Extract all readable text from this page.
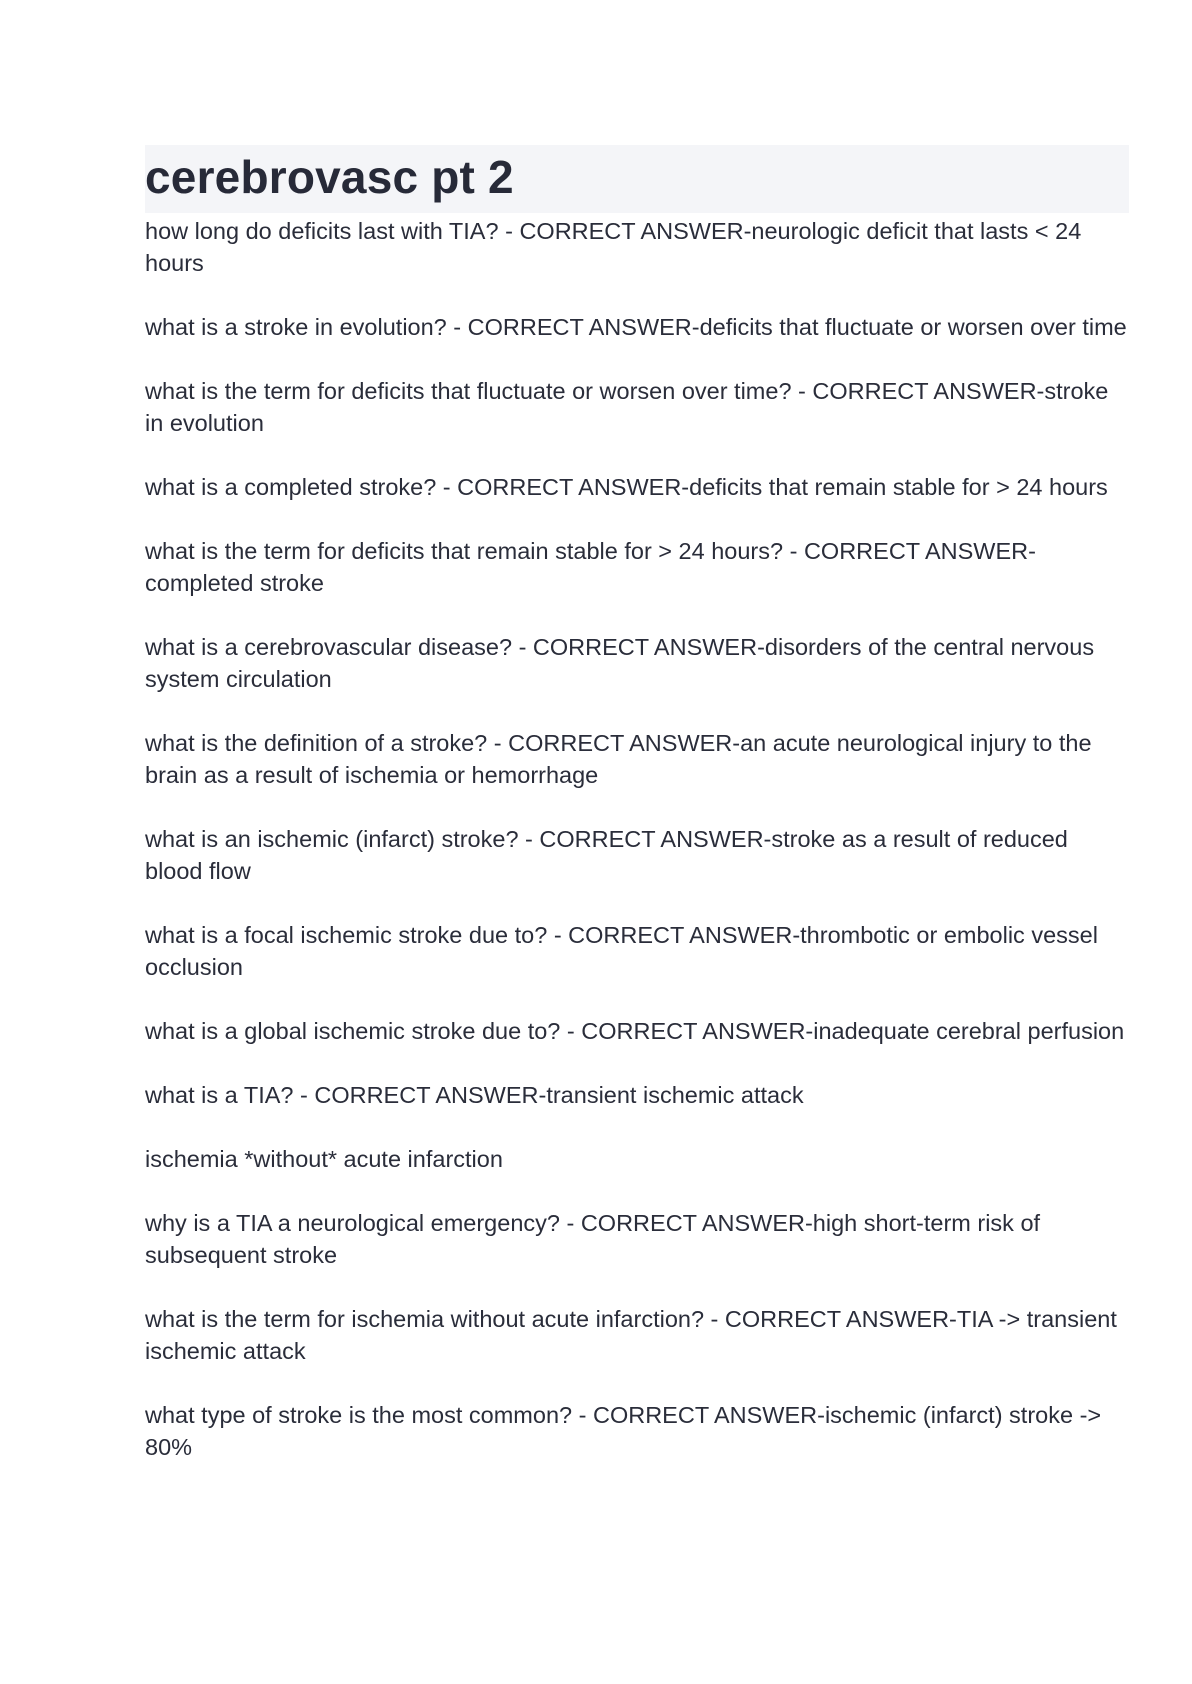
cerebrovasc pt 2
how long do deficits last with TIA? - CORRECT ANSWER-neurologic deficit that lasts < 24 hours
what is a stroke in evolution? - CORRECT ANSWER-deficits that fluctuate or worsen over time
what is the term for deficits that fluctuate or worsen over time? - CORRECT ANSWER-stroke in evolution
what is a completed stroke? - CORRECT ANSWER-deficits that remain stable for > 24 hours
what is the term for deficits that remain stable for > 24 hours? - CORRECT ANSWER-completed stroke
what is a cerebrovascular disease? - CORRECT ANSWER-disorders of the central nervous system circulation
what is the definition of a stroke? - CORRECT ANSWER-an acute neurological injury to the brain as a result of ischemia or hemorrhage
what is an ischemic (infarct) stroke? - CORRECT ANSWER-stroke as a result of reduced blood flow
what is a focal ischemic stroke due to? - CORRECT ANSWER-thrombotic or embolic vessel occlusion
what is a global ischemic stroke due to? - CORRECT ANSWER-inadequate cerebral perfusion
what is a TIA? - CORRECT ANSWER-transient ischemic attack
ischemia *without* acute infarction
why is a TIA a neurological emergency? - CORRECT ANSWER-high short-term risk of subsequent stroke
what is the term for ischemia without acute infarction? - CORRECT ANSWER-TIA -> transient ischemic attack
what type of stroke is the most common? - CORRECT ANSWER-ischemic (infarct) stroke -> 80%
